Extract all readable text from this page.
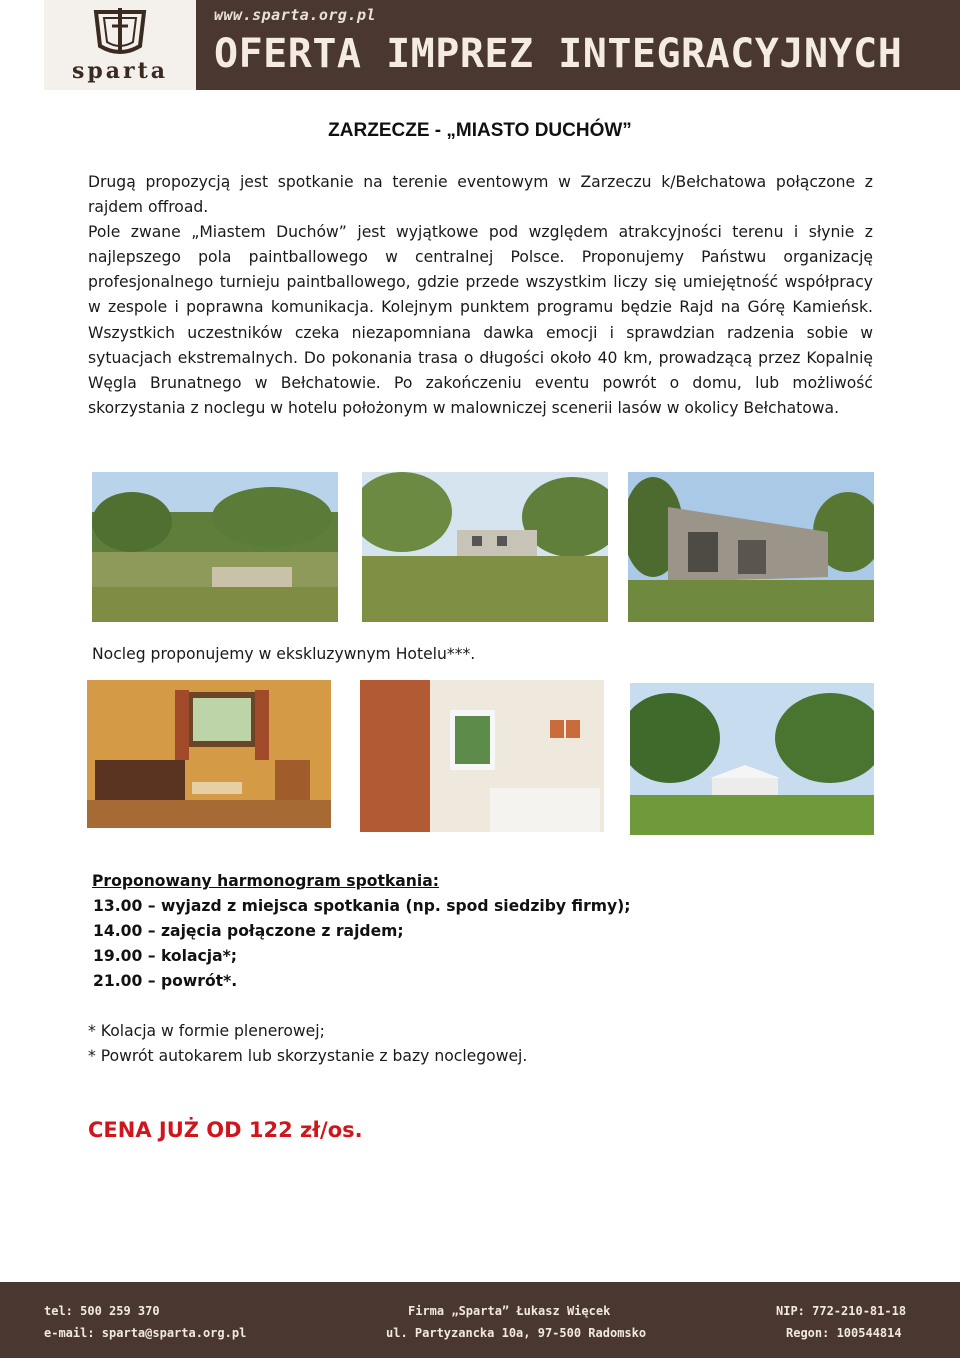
sparta
www.sparta.org.pl
OFERTA IMPREZ INTEGRACYJNYCH
ZARZECZE - „MIASTO DUCHÓW”

Drugą propozycją jest spotkanie na terenie eventowym w Zarzeczu k/Bełchatowa połączone z rajdem offroad.

Pole zwane „Miastem Duchów” jest wyjątkowe pod względem atrakcyjności terenu i słynie z najlepszego pola paintballowego w centralnej Polsce. Proponujemy Państwu organizację profesjonalnego turnieju paintballowego, gdzie przede wszystkim liczy się umiejętność współpracy w zespole i poprawna komunikacja. Kolejnym punktem programu będzie Rajd na Górę Kamieńsk. Wszystkich uczestników czeka niezapomniana dawka emocji i sprawdzian radzenia sobie w sytuacjach ekstremalnych. Do pokonania trasa o długości około 40 km, prowadzącą przez Kopalnię Węgla Brunatnego w Bełchatowie. Po zakończeniu eventu powrót o domu, lub możliwość skorzystania z noclegu w hotelu położonym w malowniczej scenerii lasów w okolicy Bełchatowa.

Nocleg proponujemy w ekskluzywnym Hotelu***.
Proponowany harmonogram spotkania:
13.00 – wyjazd z miejsca spotkania (np. spod siedziby firmy);
14.00 – zajęcia połączone z rajdem;
19.00 – kolacja*;
21.00 – powrót*.
* Kolacja w formie plenerowej;
* Powrót autokarem lub skorzystanie z bazy noclegowej.
CENA JUŻ OD 122 zł/os.
tel: 500 259 370
e-mail: sparta@sparta.org.pl
Firma „Sparta” Łukasz Więcek
ul. Partyzancka 10a, 97-500 Radomsko
NIP: 772-210-81-18
Regon: 100544814
